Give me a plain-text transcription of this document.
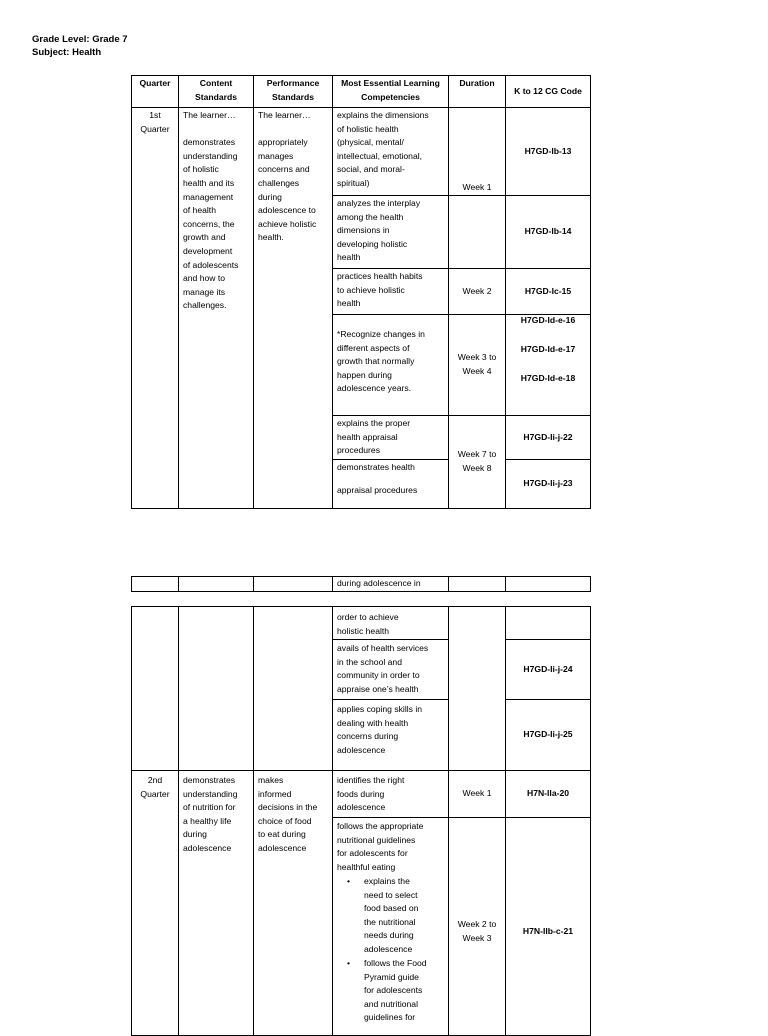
Grade Level: Grade 7
Subject: Health
Quarter	Content
Standards
Performance
Standards
Most Essential Learning
Competencies
Duration
K to 12 CG Code
1st
Quarter
The learner…

demonstrates
understanding
of holistic
health and its
management
of health
concerns, the
growth and
development
of adolescents
and how to
manage its
challenges.
The learner…

appropriately
manages
concerns and
challenges
during
adolescence to
achieve holistic
health.
explains the dimensions
of holistic health
(physical, mental/
intellectual, emotional,
social, and moral-
spiritual)
analyzes the interplay
among the health
dimensions in
developing holistic
health
practices health habits
to achieve holistic
health
*Recognize changes in
different aspects of
growth that normally
happen during
adolescence years.
explains the proper
health appraisal
procedures
demonstrates health
appraisal procedures
Week 1
Week 2
Week 3 to
Week 4
Week 7 to
Week 8
H7GD-Ib-13
H7GD-Ib-14
H7GD-Ic-15
H7GD-Id-e-16
H7GD-Id-e-17
H7GD-Id-e-18
H7GD-Ii-j-22
H7GD-Ii-j-23
during adolescence in
order to achieve
holistic health
avails of health services
in the school and
community in order to
appraise one’s health
applies coping skills in
dealing with health
concerns during
adolescence
H7GD-Ii-j-24
H7GD-Ii-j-25
2nd
Quarter
demonstrates
understanding
of nutrition for
a healthy life
during
adolescence
makes
informed
decisions in the
choice of food
to eat during
adolescence
identifies the right
foods during
adolescence
follows the appropriate
nutritional guidelines
for adolescents for
healthful eating
• explains the
need to select
food based on
the nutritional
needs during
adolescence
• follows the Food
Pyramid guide
for adolescents
and nutritional
guidelines for
Week 1
Week 2 to
Week 3
H7N-IIa-20
H7N-IIb-c-21
